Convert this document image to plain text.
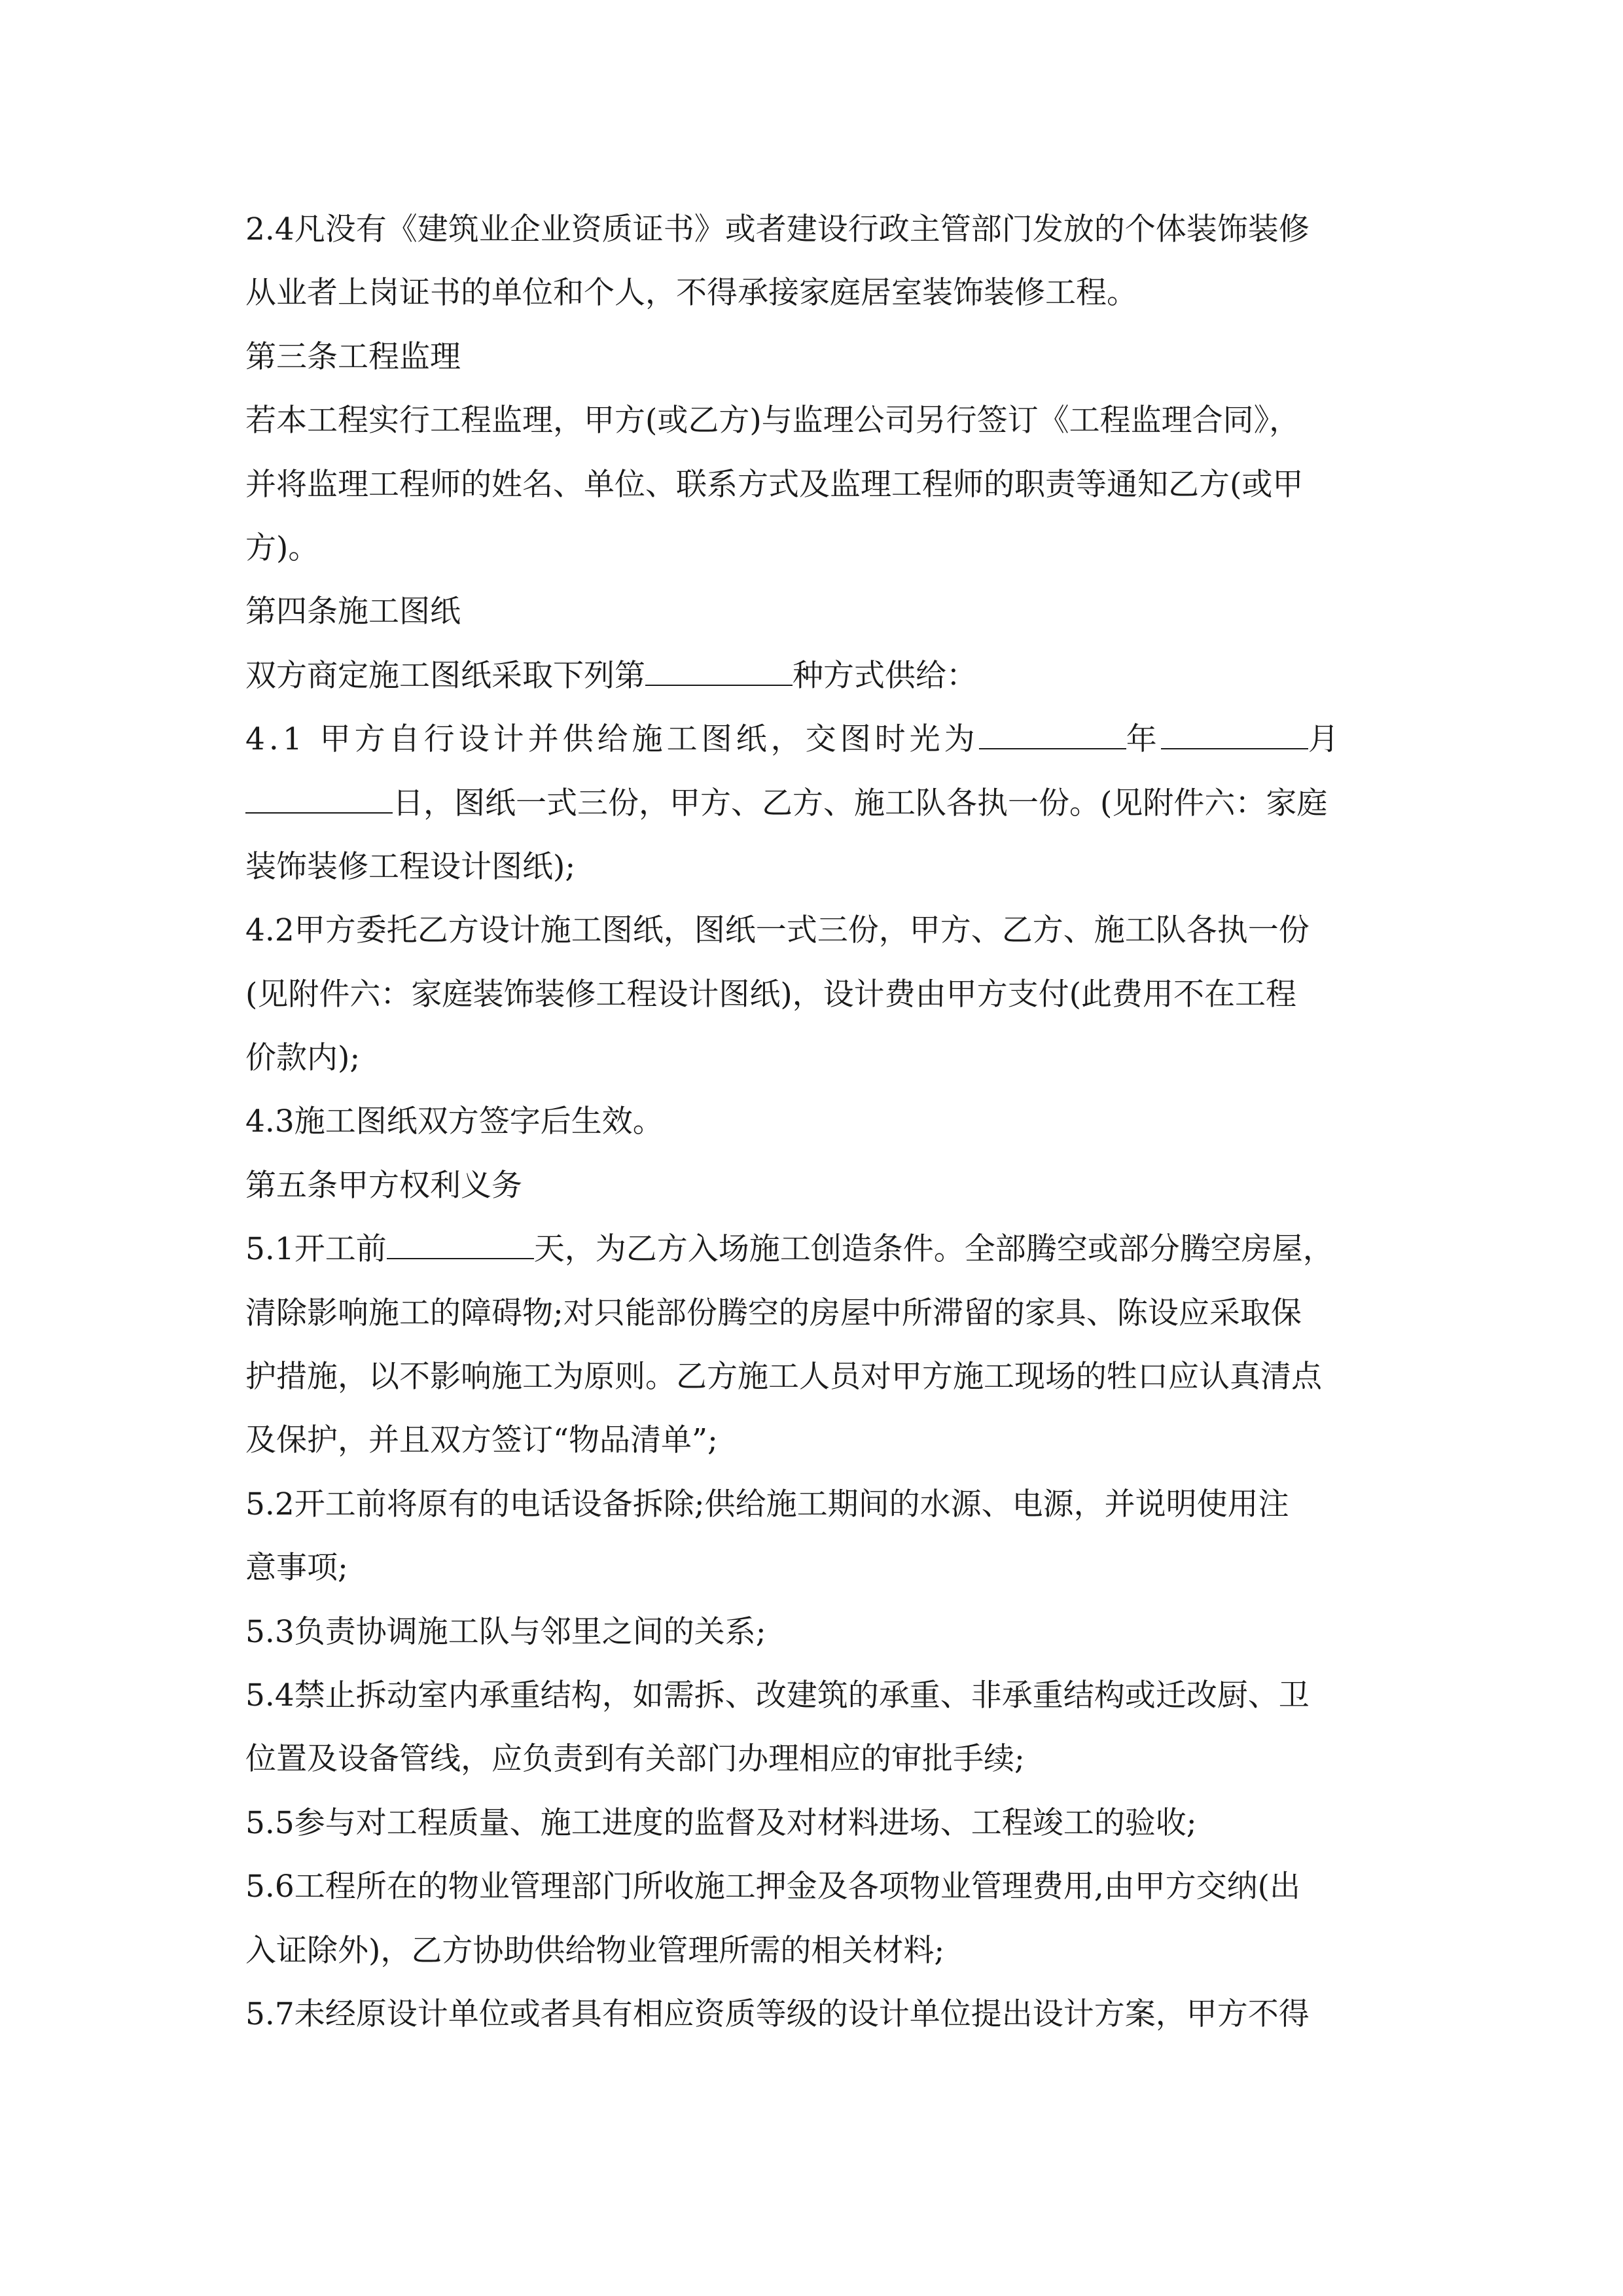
2.4凡没有《建筑业企业资质证书》或者建设行政主管部门发放的个体装饰装修
从业者上岗证书的单位和个人，不得承接家庭居室装饰装修工程。
第三条工程监理
若本工程实行工程监理，甲方(或乙方)与监理公司另行签订《工程监理合同》，
并将监理工程师的姓名、单位、联系方式及监理工程师的职责等通知乙方(或甲
方)。
第四条施工图纸
双方商定施工图纸采取下列第	种方式供给：
4.1 甲方自行设计并供给施工图纸，交图时光为	年	月
日，图纸一式三份，甲方、乙方、施工队各执一份。(见附件六：家庭
装饰装修工程设计图纸);
4.2甲方委托乙方设计施工图纸，图纸一式三份，甲方、乙方、施工队各执一份
(见附件六：家庭装饰装修工程设计图纸)，设计费由甲方支付(此费用不在工程
价款内);
4.3施工图纸双方签字后生效。
第五条甲方权利义务
5.1开工前	天，为乙方入场施工创造条件。全部腾空或部分腾空房屋，
清除影响施工的障碍物;对只能部份腾空的房屋中所滞留的家具、陈设应采取保
护措施，以不影响施工为原则。乙方施工人员对甲方施工现场的牲口应认真清点
及保护，并且双方签订“物品清单”;
5.2开工前将原有的电话设备拆除;供给施工期间的水源、电源，并说明使用注
意事项;
5.3负责协调施工队与邻里之间的关系;
5.4禁止拆动室内承重结构，如需拆、改建筑的承重、非承重结构或迁改厨、卫
位置及设备管线，应负责到有关部门办理相应的审批手续;
5.5参与对工程质量、施工进度的监督及对材料进场、工程竣工的验收;
5.6工程所在的物业管理部门所收施工押金及各项物业管理费用,由甲方交纳(出
入证除外)，乙方协助供给物业管理所需的相关材料;
5.7未经原设计单位或者具有相应资质等级的设计单位提出设计方案，甲方不得
